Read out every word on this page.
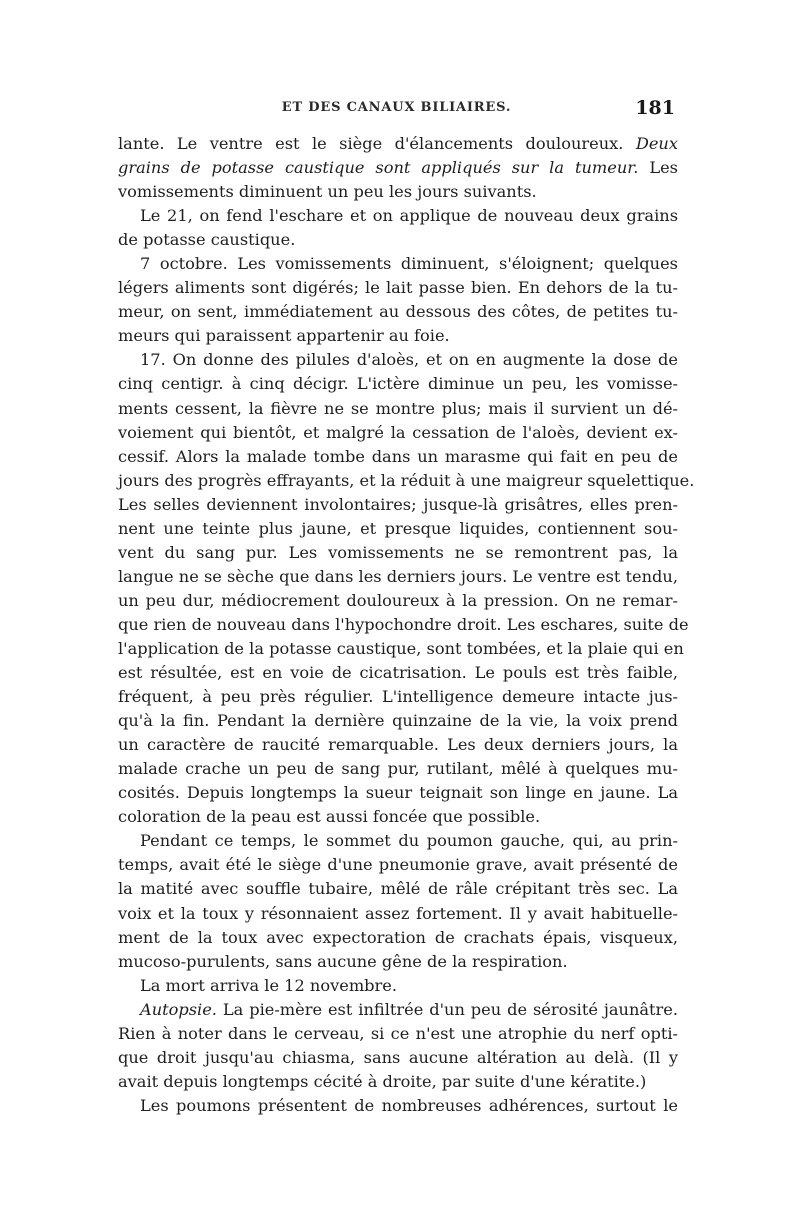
ET DES CANAUX BILIAIRES.	181
lante. Le ventre est le siège d'élancements douloureux. Deux
grains de potasse caustique sont appliqués sur la tumeur. Les
vomissements diminuent un peu les jours suivants.
Le 21, on fend l'eschare et on applique de nouveau deux grains
de potasse caustique.
7 octobre. Les vomissements diminuent, s'éloignent; quelques
légers aliments sont digérés; le lait passe bien. En dehors de la tu-
meur, on sent, immédiatement au dessous des côtes, de petites tu-
meurs qui paraissent appartenir au foie.
17. On donne des pilules d'aloès, et on en augmente la dose de
cinq centigr. à cinq décigr. L'ictère diminue un peu, les vomisse-
ments cessent, la fièvre ne se montre plus; mais il survient un dé-
voiement qui bientôt, et malgré la cessation de l'aloès, devient ex-
cessif. Alors la malade tombe dans un marasme qui fait en peu de
jours des progrès effrayants, et la réduit à une maigreur squelettique.
Les selles deviennent involontaires; jusque-là grisâtres, elles pren-
nent une teinte plus jaune, et presque liquides, contiennent sou-
vent du sang pur. Les vomissements ne se remontrent pas, la
langue ne se sèche que dans les derniers jours. Le ventre est tendu,
un peu dur, médiocrement douloureux à la pression. On ne remar-
que rien de nouveau dans l'hypochondre droit. Les eschares, suite de
l'application de la potasse caustique, sont tombées, et la plaie qui en
est résultée, est en voie de cicatrisation. Le pouls est très faible,
fréquent, à peu près régulier. L'intelligence demeure intacte jus-
qu'à la fin. Pendant la dernière quinzaine de la vie, la voix prend
un caractère de raucité remarquable. Les deux derniers jours, la
malade crache un peu de sang pur, rutilant, mêlé à quelques mu-
cosités. Depuis longtemps la sueur teignait son linge en jaune. La
coloration de la peau est aussi foncée que possible.
Pendant ce temps, le sommet du poumon gauche, qui, au prin-
temps, avait été le siège d'une pneumonie grave, avait présenté de
la matité avec souffle tubaire, mêlé de râle crépitant très sec. La
voix et la toux y résonnaient assez fortement. Il y avait habituelle-
ment de la toux avec expectoration de crachats épais, visqueux,
mucoso-purulents, sans aucune gêne de la respiration.
La mort arriva le 12 novembre.
Autopsie. La pie-mère est infiltrée d'un peu de sérosité jaunâtre.
Rien à noter dans le cerveau, si ce n'est une atrophie du nerf opti-
que droit jusqu'au chiasma, sans aucune altération au delà. (Il y
avait depuis longtemps cécité à droite, par suite d'une kératite.)
Les poumons présentent de nombreuses adhérences, surtout le
